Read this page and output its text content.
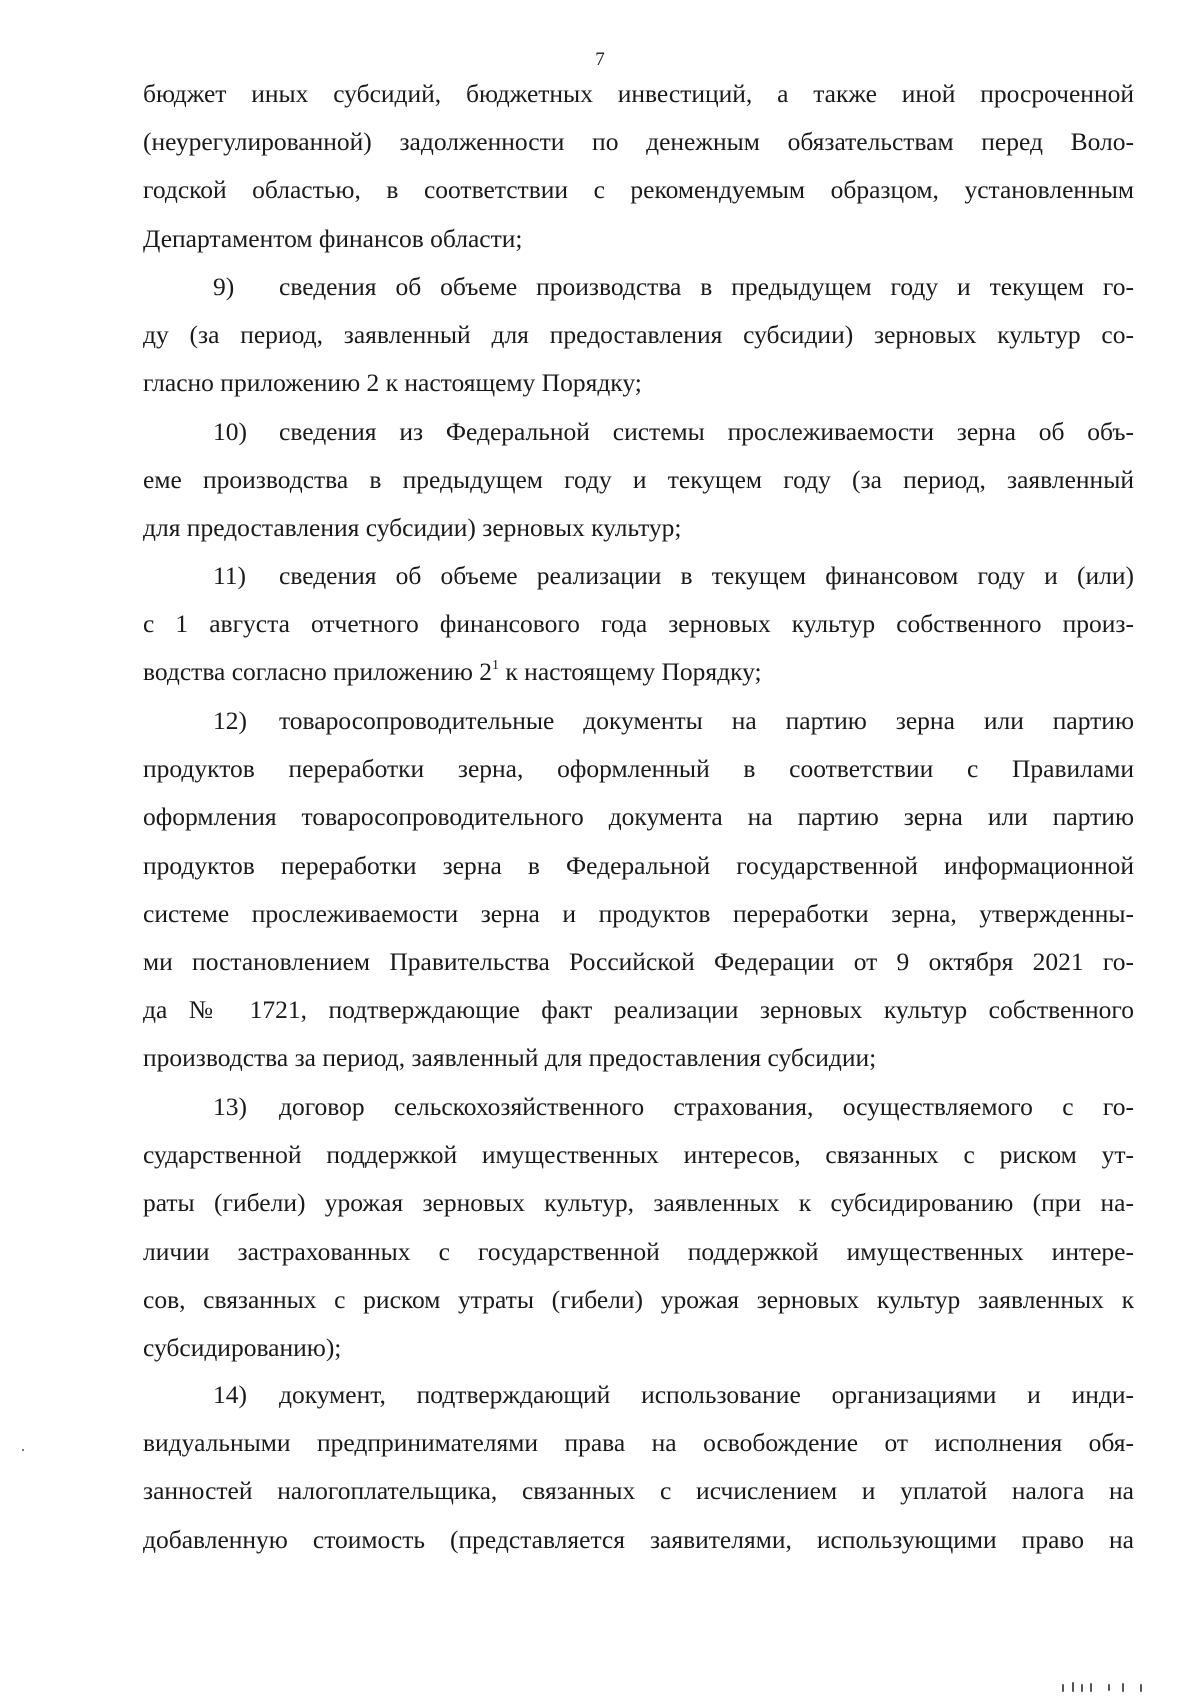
7
бюджет иных субсидий, бюджетных инвестиций, а также иной просроченной
(неурегулированной) задолженности по денежным обязательствам перед Воло-
годской областью, в соответствии с рекомендуемым образцом, установленным
Департаментом финансов области;
9) сведения об объеме производства в предыдущем году и текущем го-
ду (за период, заявленный для предоставления субсидии) зерновых культур со-
гласно приложению 2 к настоящему Порядку;
10) сведения из Федеральной системы прослеживаемости зерна об объ-
еме производства в предыдущем году и текущем году (за период, заявленный
для предоставления субсидии) зерновых культур;
11) сведения об объеме реализации в текущем финансовом году и (или)
с 1 августа отчетного финансового года зерновых культур собственного произ-
водства согласно приложению $2^1$ к настоящему Порядку;
12) товаросопроводительные документы на партию зерна или партию
продуктов переработки зерна, оформленный в соответствии с Правилами
оформления товаросопроводительного документа на партию зерна или партию
продуктов переработки зерна в Федеральной государственной информационной
системе прослеживаемости зерна и продуктов переработки зерна, утвержденны-
ми постановлением Правительства Российской Федерации от 9 октября 2021 го-
да № 1721, подтверждающие факт реализации зерновых культур собственного
производства за период, заявленный для предоставления субсидии;
13) договор сельскохозяйственного страхования, осуществляемого с го-
сударственной поддержкой имущественных интересов, связанных с риском ут-
раты (гибели) урожая зерновых культур, заявленных к субсидированию (при на-
личии застрахованных с государственной поддержкой имущественных интере-
сов, связанных с риском утраты (гибели) урожая зерновых культур заявленных к
субсидированию);
14) документ, подтверждающий использование организациями и инди-
видуальными предпринимателями права на освобождение от исполнения обя-
занностей налогоплательщика, связанных с исчислением и уплатой налога на
добавленную стоимость (представляется заявителями, использующими право на
